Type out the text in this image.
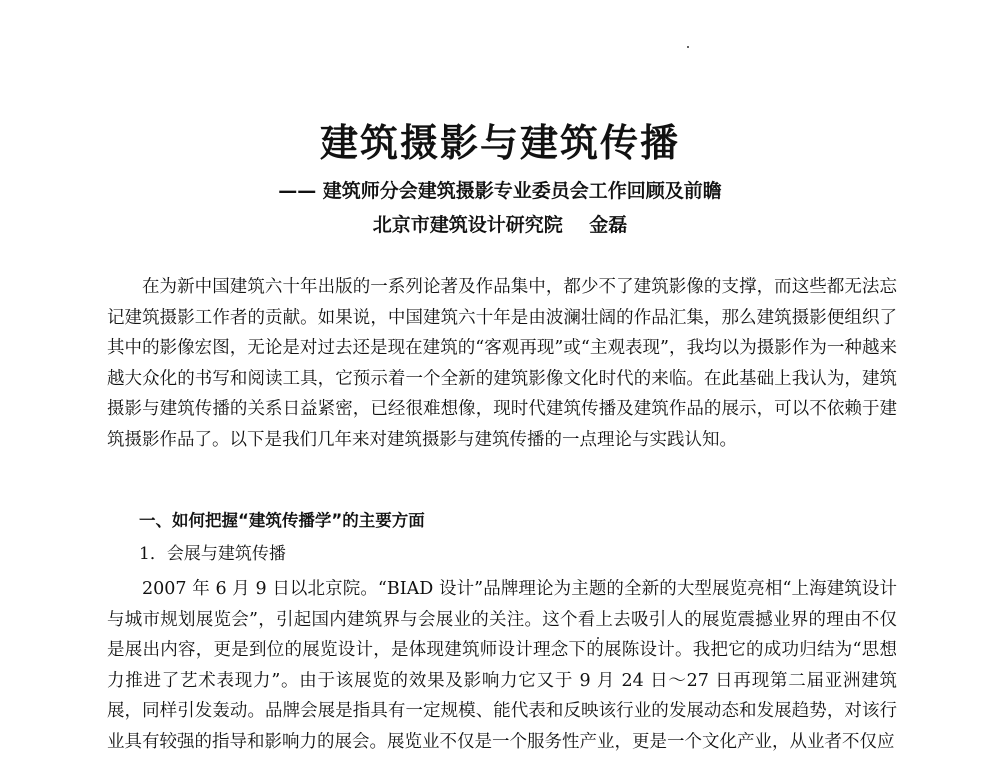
建筑摄影与建筑传播

—— 建筑师分会建筑摄影专业委员会工作回顾及前瞻

北京市建筑设计研究院    金磊

在为新中国建筑六十年出版的一系列论著及作品集中，都少不了建筑影像的支撑，而这些都无法忘记建筑摄影工作者的贡献。如果说，中国建筑六十年是由波澜壮阔的作品汇集，那么建筑摄影便组织了其中的影像宏图，无论是对过去还是现在建筑的“客观再现”或“主观表现”，我均以为摄影作为一种越来越大众化的书写和阅读工具，它预示着一个全新的建筑影像文化时代的来临。在此基础上我认为，建筑摄影与建筑传播的关系日益紧密，已经很难想像，现时代建筑传播及建筑作品的展示，可以不依赖于建筑摄影作品了。以下是我们几年来对建筑摄影与建筑传播的一点理论与实践认知。

一、如何把握“建筑传播学”的主要方面

1．会展与建筑传播

2007 年 6 月 9 日以北京院。“BIAD 设计”品牌理论为主题的全新的大型展览亮相“上海建筑设计与城市规划展览会”，引起国内建筑界与会展业的关注。这个看上去吸引人的展览震撼业界的理由不仅是展出内容，更是到位的展览设计，是体现建筑师设计理念下的展陈设计。我把它的成功归结为“思想力推进了艺术表现力”。由于该展览的效果及影响力它又于 9 月 24 日～27 日再现第二届亚洲建筑展，同样引发轰动。品牌会展是指具有一定规模、能代表和反映该行业的发展动态和发展趋势，对该行业具有较强的指导和影响力的展会。展览业不仅是一个服务性产业，更是一个文化产业，从业者不仅应
